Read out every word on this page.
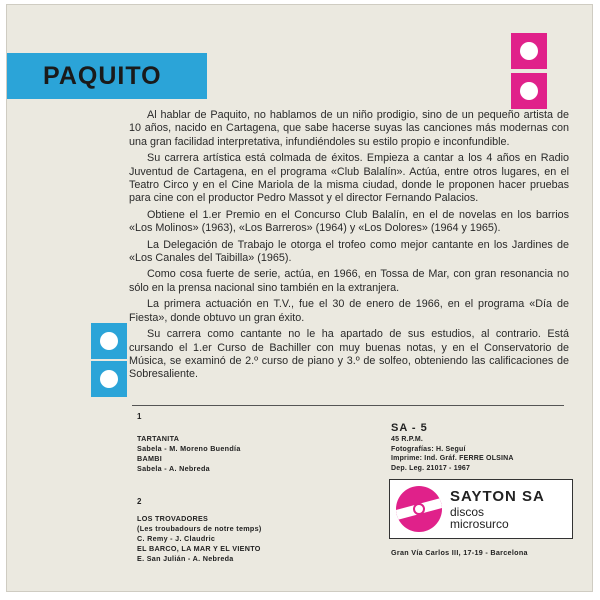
PAQUITO

Al hablar de Paquito, no hablamos de un niño prodigio, sino de un pequeño artista de 10 años, nacido en Cartagena, que sabe hacerse suyas las canciones más modernas con una gran facilidad interpretativa, infundiéndoles su estilo propio e inconfundible.

Su carrera artística está colmada de éxitos. Empieza a cantar a los 4 años en Radio Juventud de Cartagena, en el programa «Club Balalín». Actúa, entre otros lugares, en el Teatro Circo y en el Cine Mariola de la misma ciudad, donde le proponen hacer pruebas para cine con el productor Pedro Massot y el director Fernando Palacios.

Obtiene el 1.er Premio en el Concurso Club Balalín, en el de novelas en los barrios «Los Molinos» (1963), «Los Barreros» (1964) y «Los Dolores» (1964 y 1965).

La Delegación de Trabajo le otorga el trofeo como mejor cantante en los Jardines de «Los Canales del Taibilla» (1965).

Como cosa fuerte de serie, actúa, en 1966, en Tossa de Mar, con gran resonancia no sólo en la prensa nacional sino también en la extranjera.

La primera actuación en T.V., fue el 30 de enero de 1966, en el programa «Día de Fiesta», donde obtuvo un gran éxito.

Su carrera como cantante no le ha apartado de sus estudios, al contrario. Está cursando el 1.er Curso de Bachiller con muy buenas notas, y en el Conservatorio de Música, se examinó de 2.º curso de piano y 3.º de solfeo, obteniendo las calificaciones de Sobresaliente.

1
TARTANITA
Sabela - M. Moreno Buendía
BAMBI
Sabela - A. Nebreda
2
LOS TROVADORES
(Les troubadours de notre temps)
C. Remy - J. Claudric
EL BARCO, LA MAR Y EL VIENTO
E. San Julián - A. Nebreda
SA - 5
45 R.P.M.
Fotografías: H. Seguí
Imprime: Ind. Gráf. FERRE OLSINA
Dep. Leg. 21017 - 1967
SAYTON SA
discos
microsurco
Gran Vía Carlos III, 17-19 - Barcelona
